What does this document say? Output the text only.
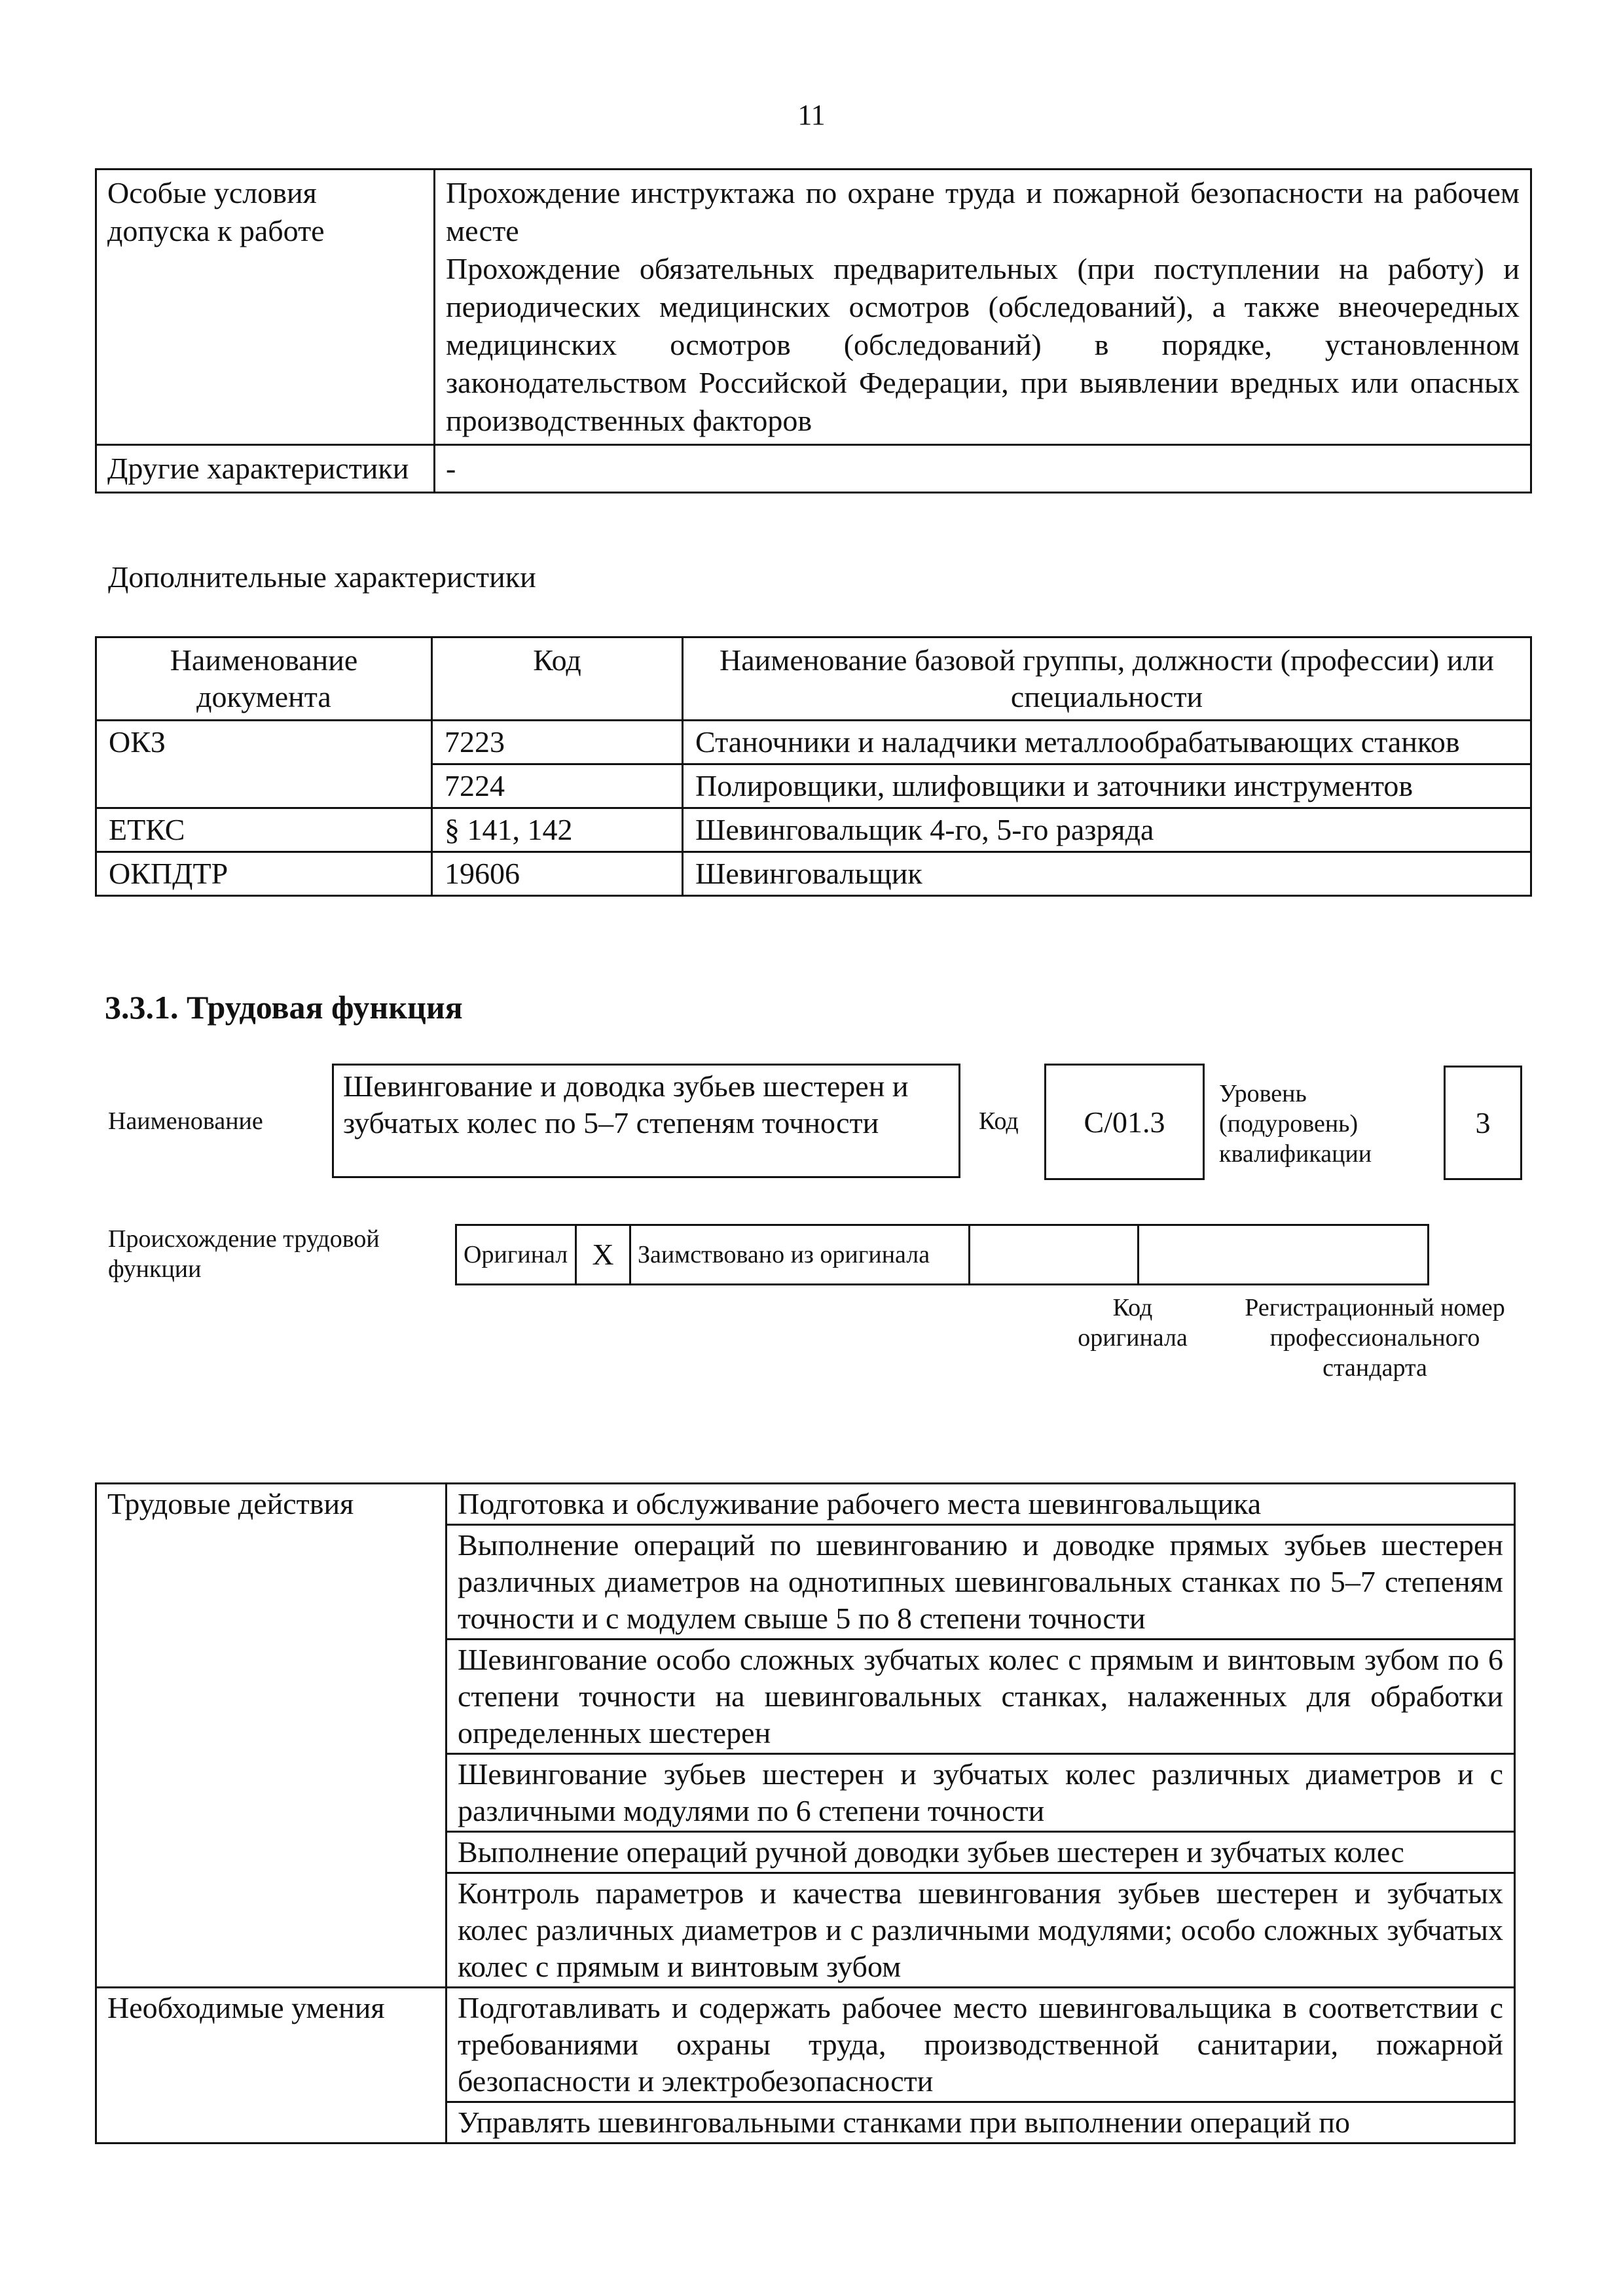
11
Особые условия допуска к работе	Прохождение инструктажа по охране труда и пожарной безопасности на рабочем месте
Прохождение обязательных предварительных (при поступлении на работу) и периодических медицинских осмотров (обследований), а также внеочередных медицинских осмотров (обследований) в порядке, установленном законодательством Российской Федерации, при выявлении вредных или опасных производственных факторов

Другие характеристики	-
Дополнительные характеристики
Наименование документа	Код	Наименование базовой группы, должности (профессии) или специальности
ОКЗ	7223	Станочники и наладчики металлообрабатывающих станков
	7224	Полировщики, шлифовщики и заточники инструментов
ЕТКС	§ 141, 142	Шевинговальщик 4-го, 5-го разряда
ОКПДТР	19606	Шевинговальщик
3.3.1. Трудовая функция
Наименование
Шевингование и доводка зубьев шестерен и зубчатых колес по 5–7 степеням точности	Код	С/01.3
Уровень (подуровень) квалификации
3
Происхождение трудовой функции
Оригинал	X	Заимствовано из оригинала		
Код оригинала
Регистрационный номер профессионального стандарта
Трудовые действия	Подготовка и обслуживание рабочего места шевинговальщика
	Выполнение операций по шевингованию и доводке прямых зубьев шестерен различных диаметров на однотипных шевинговальных станках по 5–7 степеням точности и с модулем свыше 5 по 8 степени точности
	Шевингование особо сложных зубчатых колес с прямым и винтовым зубом по 6 степени точности на шевинговальных станках, налаженных для обработки определенных шестерен
	Шевингование зубьев шестерен и зубчатых колес различных диаметров и с различными модулями по 6 степени точности
	Выполнение операций ручной доводки зубьев шестерен и зубчатых колес
	Контроль параметров и качества шевингования зубьев шестерен и зубчатых колес различных диаметров и с различными модулями; особо сложных зубчатых колес с прямым и винтовым зубом
Необходимые умения	Подготавливать и содержать рабочее место шевинговальщика в соответствии с требованиями охраны труда, производственной санитарии, пожарной безопасности и электробезопасности
	Управлять шевинговальными станками при выполнении операций по
